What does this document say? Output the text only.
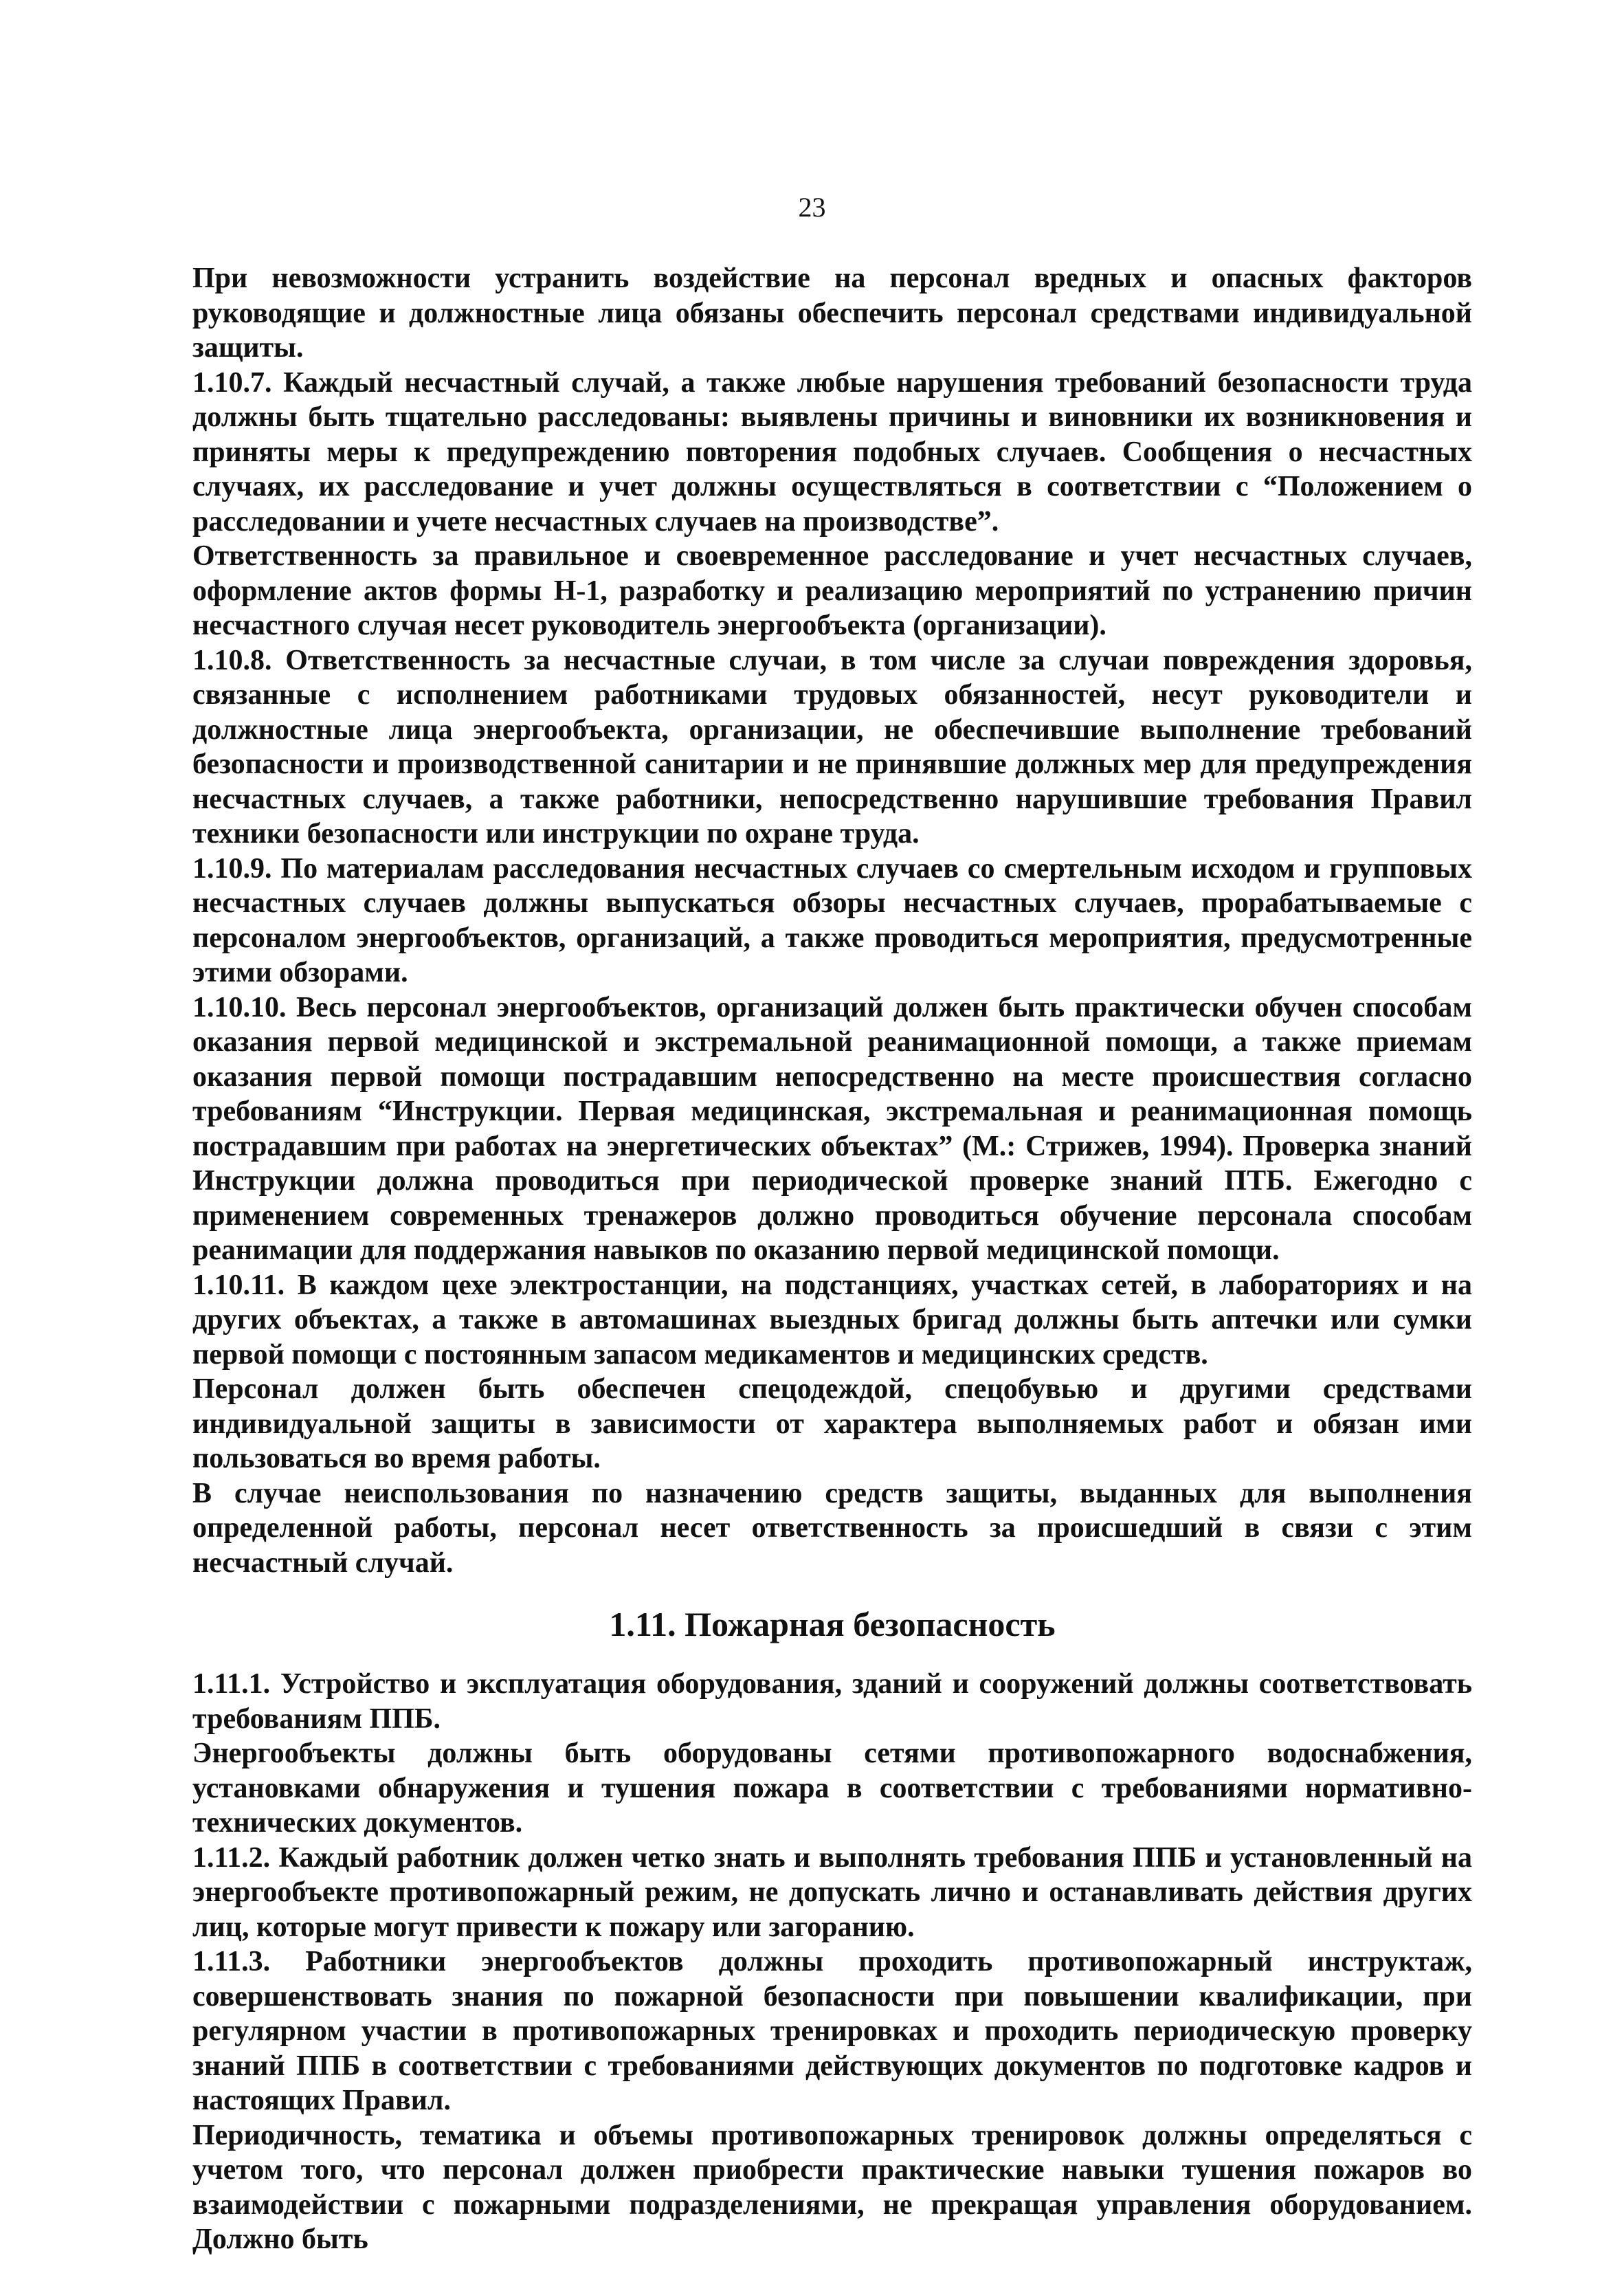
23

При невозможности устранить воздействие на персонал вредных и опасных факторов руководящие и должностные лица обязаны обеспечить персонал средствами индивидуальной защиты.

1.10.7. Каждый несчастный случай, а также любые нарушения требований безопасности труда должны быть тщательно расследованы: выявлены причины и виновники их возникновения и приняты меры к предупреждению повторения подобных случаев. Сообщения о несчастных случаях, их расследование и учет должны осуществляться в соответствии с “Положением о расследовании и учете несчастных случаев на производстве”.

Ответственность за правильное и своевременное расследование и учет несчастных случаев, оформление актов формы Н-1, разработку и реализацию мероприятий по устранению причин несчастного случая несет руководитель энергообъекта (организации).

1.10.8. Ответственность за несчастные случаи, в том числе за случаи повреждения здоровья, связанные с исполнением работниками трудовых обязанностей, несут руководители и должностные лица энергообъекта, организации, не обеспечившие выполнение требований безопасности и производственной санитарии и не принявшие должных мер для предупреждения несчастных случаев, а также работники, непосредственно нарушившие требования Правил техники безопасности или инструкции по охране труда.

1.10.9. По материалам расследования несчастных случаев со смертельным исходом и групповых несчастных случаев должны выпускаться обзоры несчастных случаев, прорабатываемые с персоналом энергообъектов, организаций, а также проводиться мероприятия, предусмотренные этими обзорами.

1.10.10. Весь персонал энергообъектов, организаций должен быть практически обучен способам оказания первой медицинской и экстремальной реанимационной помощи, а также приемам оказания первой помощи пострадавшим непосредственно на месте происшествия согласно требованиям “Инструкции. Первая медицинская, экстремальная и реанимационная помощь пострадавшим при работах на энергетических объектах” (М.: Стрижев, 1994). Проверка знаний Инструкции должна проводиться при периодической проверке знаний ПТБ. Ежегодно с применением современных тренажеров должно проводиться обучение персонала способам реанимации для поддержания навыков по оказанию первой медицинской помощи.

1.10.11. В каждом цехе электростанции, на подстанциях, участках сетей, в лабораториях и на других объектах, а также в автомашинах выездных бригад должны быть аптечки или сумки первой помощи с постоянным запасом медикаментов и медицинских средств.

Персонал должен быть обеспечен спецодеждой, спецобувью и другими средствами индивидуальной защиты в зависимости от характера выполняемых работ и обязан ими пользоваться во время работы.

В случае неиспользования по назначению средств защиты, выданных для выполнения определенной работы, персонал несет ответственность за происшедший в связи с этим несчастный случай.

1.11. Пожарная безопасность

1.11.1. Устройство и эксплуатация оборудования, зданий и сооружений должны соответствовать требованиям ППБ.

Энергообъекты должны быть оборудованы сетями противопожарного водоснабжения, установками обнаружения и тушения пожара в соответствии с требованиями нормативно-технических документов.

1.11.2. Каждый работник должен четко знать и выполнять требования ППБ и установленный на энергообъекте противопожарный режим, не допускать лично и останавливать действия других лиц, которые могут привести к пожару или загоранию.

1.11.3. Работники энергообъектов должны проходить противопожарный инструктаж, совершенствовать знания по пожарной безопасности при повышении квалификации, при регулярном участии в противопожарных тренировках и проходить периодическую проверку знаний ППБ в соответствии с требованиями действующих документов по подготовке кадров и настоящих Правил.

Периодичность, тематика и объемы противопожарных тренировок должны определяться с учетом того, что персонал должен приобрести практические навыки тушения пожаров во взаимодействии с пожарными подразделениями, не прекращая управления оборудованием. Должно быть
